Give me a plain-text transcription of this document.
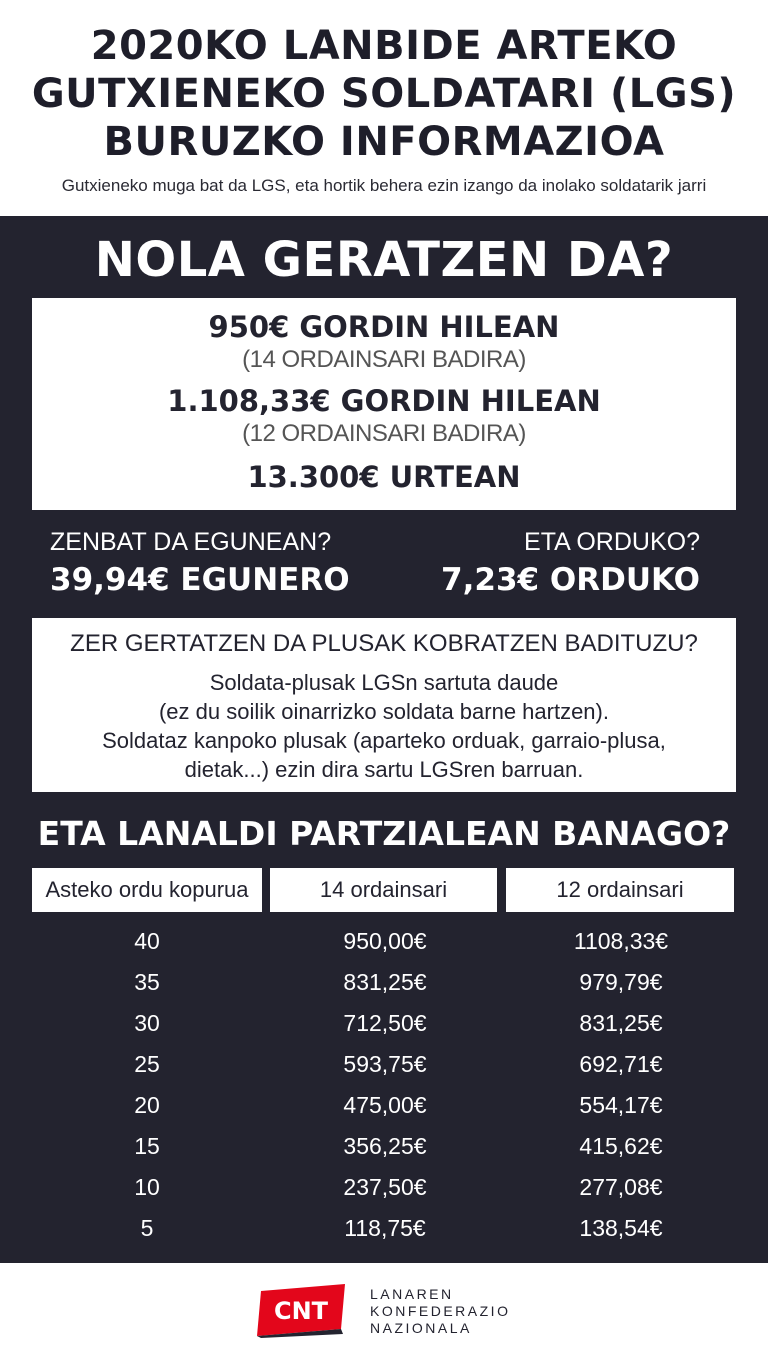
2020KO LANBIDE ARTEKO
GUTXIENEKO SOLDATARI (LGS)
BURUZKO INFORMAZIOA
Gutxieneko muga bat da LGS, eta hortik behera ezin izango da inolako soldatarik jarri
NOLA GERATZEN DA?
950€ GORDIN HILEAN
(14 ORDAINSARI BADIRA)
1.108,33€ GORDIN HILEAN
(12 ORDAINSARI BADIRA)
13.300€ URTEAN
ZENBAT DA EGUNEAN?
39,94€ EGUNERO
ETA ORDUKO?
7,23€ ORDUKO
ZER GERTATZEN DA PLUSAK KOBRATZEN BADITUZU?
Soldata-plusak LGSn sartuta daude
(ez du soilik oinarrizko soldata barne hartzen).
Soldataz kanpoko plusak (aparteko orduak, garraio-plusa,
dietak...) ezin dira sartu LGSren barruan.
ETA LANALDI PARTZIALEAN BANAGO?
Asteko ordu kopurua	14 ordainsari	12 ordainsari
40	950,00€	1108,33€
35	831,25€	979,79€
30	712,50€	831,25€
25	593,75€	692,71€
20	475,00€	554,17€
15	356,25€	415,62€
10	237,50€	277,08€
5	118,75€	138,54€
CNT
LANAREN
KONFEDERAZIO
NAZIONALA
